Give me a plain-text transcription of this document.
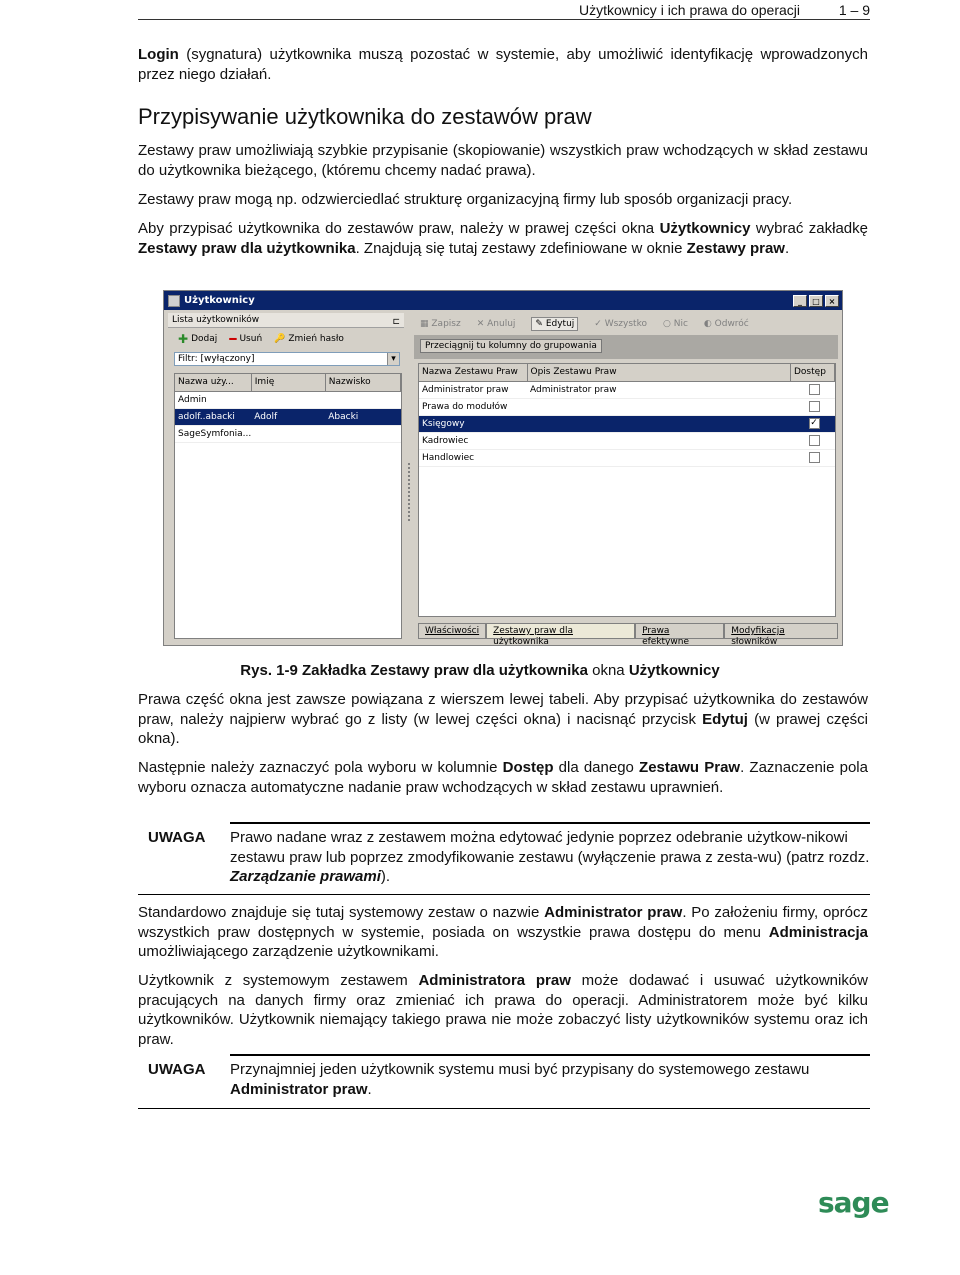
Użytkownicy i ich prawa do operacji	1 – 9
Login (sygnatura) użytkownika muszą pozostać w systemie, aby umożliwić identyfikację wprowadzonych przez niego działań.
Przypisywanie użytkownika do zestawów praw
Zestawy praw umożliwiają szybkie przypisanie (skopiowanie) wszystkich praw wchodzących w skład zestawu do użytkownika bieżącego, (któremu chcemy nadać prawa).
Zestawy praw mogą np. odzwierciedlać strukturę organizacyjną firmy lub sposób organizacji pracy.
Aby przypisać użytkownika do zestawów praw, należy w prawej części okna Użytkownicy wybrać zakładkę Zestawy praw dla użytkownika. Znajdują się tutaj zestawy zdefiniowane w oknie Zestawy praw.
Użytkownicy	_	□	×
Lista użytkowników	⊏
✚ Dodaj ━ Usuń 🔑 Zmień hasło
Filtr: [wyłączony]	▾
Nazwa uży...	Imię	Nazwisko
Admin		
adolf..abacki	Adolf	Abacki
SageSymfonia...		
▦ Zapisz ✕ Anuluj	✎ Edytuj	✓ Wszystko ○ Nic ◐ Odwróć
Przeciągnij tu kolumny do grupowania
Nazwa Zestawu Praw	Opis Zestawu Praw	Dostęp
Administrator praw	Administrator praw	
Prawa do modułów		
Księgowy		✓
Kadrowiec		
Handlowiec		
Właściwości	Zestawy praw dla użytkownika
Prawa efektywne
Modyfikacja słowników
Rys. 1-9 Zakładka Zestawy praw dla użytkownika okna Użytkownicy
Prawa część okna jest zawsze powiązana z wierszem lewej tabeli. Aby przypisać użytkownika do zestawów praw, należy najpierw wybrać go z listy (w lewej części okna) i nacisnąć przycisk Edytuj (w prawej części okna).
Następnie należy zaznaczyć pola wyboru w kolumnie Dostęp dla danego Zestawu Praw. Zaznaczenie pola wyboru oznacza automatyczne nadanie praw wchodzących w skład zestawu uprawnień.
UWAGA Prawo nadane wraz z zestawem można edytować jedynie poprzez odebranie użytkow-nikowi zestawu praw lub poprzez zmodyfikowanie zestawu (wyłączenie prawa z zesta-wu) (patrz rozdz. Zarządzanie prawami).
Standardowo znajduje się tutaj systemowy zestaw o nazwie Administrator praw. Po założeniu firmy, oprócz wszystkich praw dostępnych w systemie, posiada on wszystkie prawa dostępu do menu Administracja umożliwiającego zarządzenie użytkownikami.
Użytkownik z systemowym zestawem Administratora praw może dodawać i usuwać użytkowników pracujących na danych firmy oraz zmieniać ich prawa do operacji. Administratorem może być kilku użytkowników. Użytkownik niemający takiego prawa nie może zobaczyć listy użytkowników systemu oraz ich praw.
UWAGA Przynajmniej jeden użytkownik systemu musi być przypisany do systemowego zestawu Administrator praw.
sage
